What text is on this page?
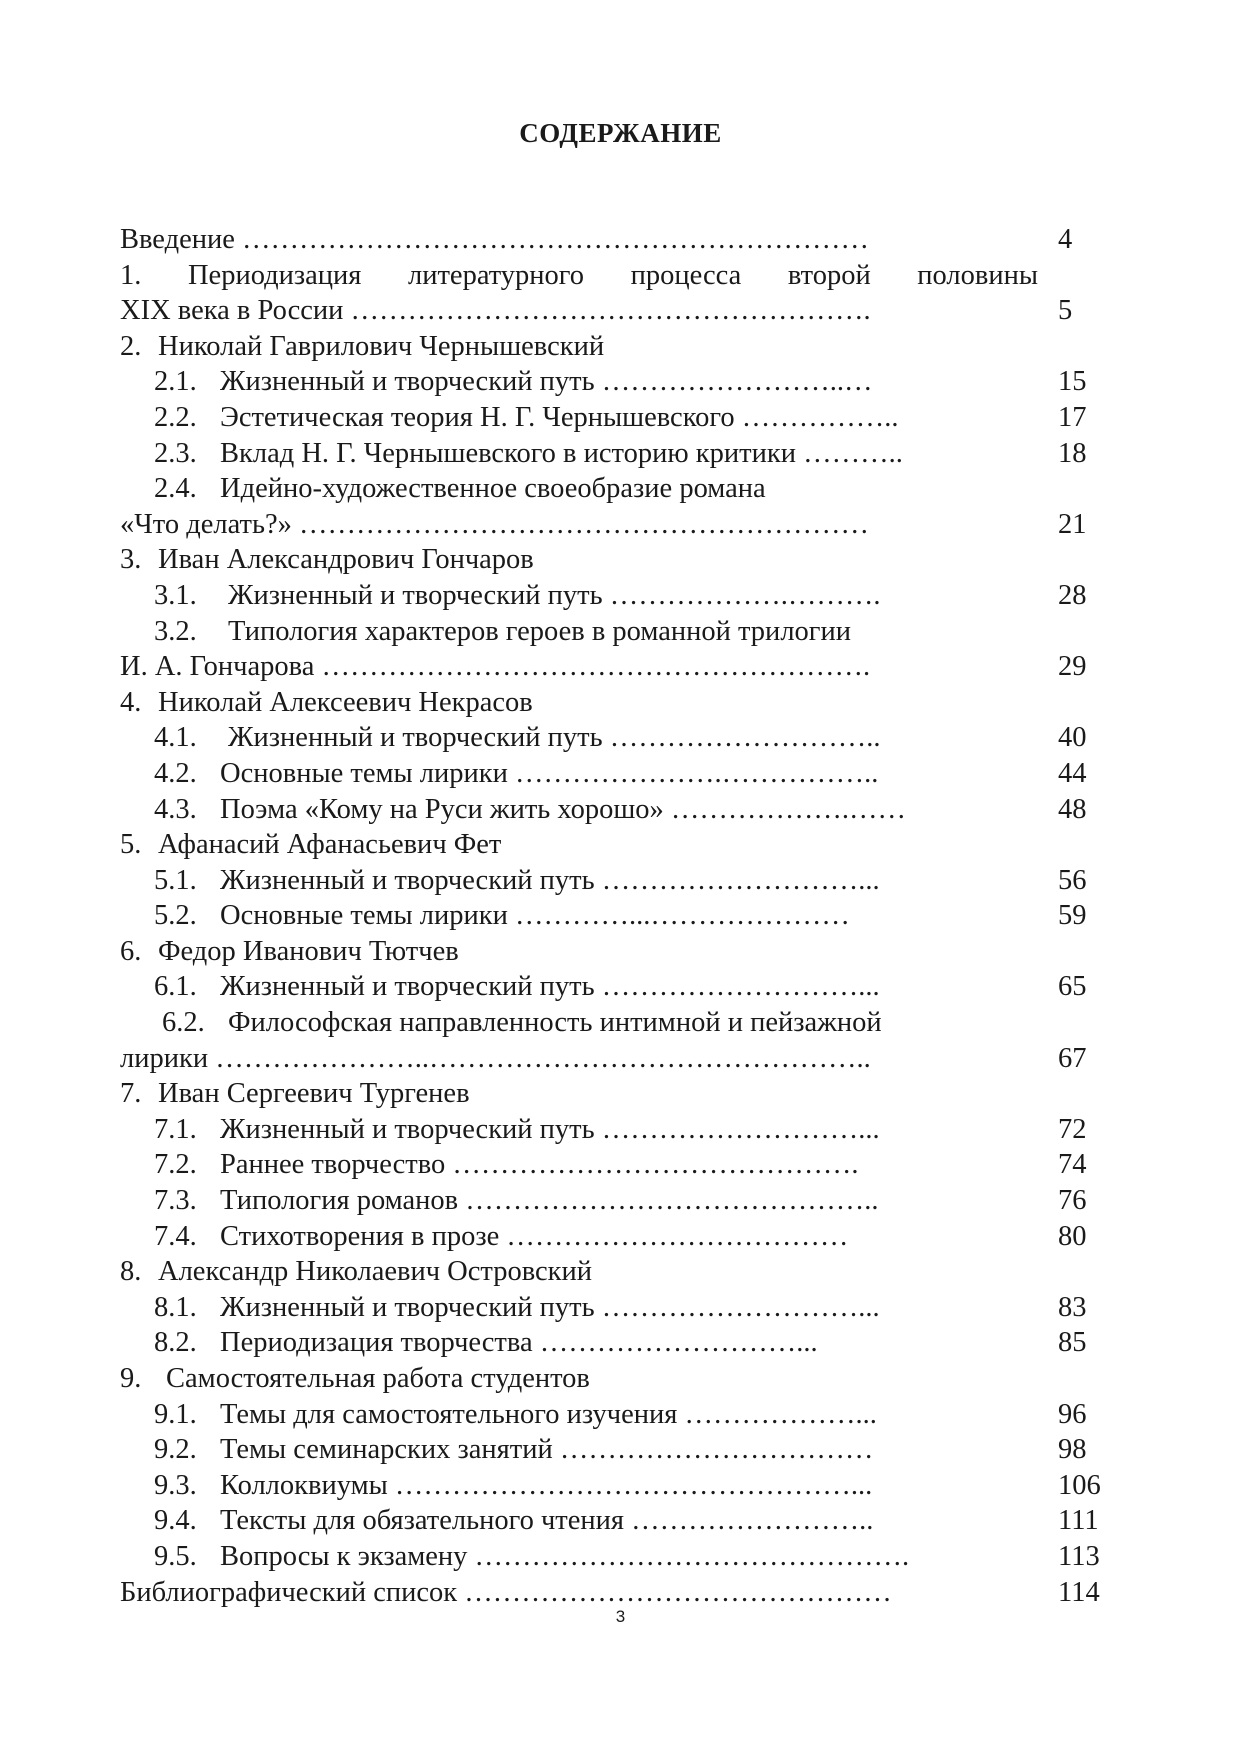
СОДЕРЖАНИЕ
Введение …………………………………………………………	4
1. Периодизация литературного процесса второй половины
XIX века в России ……………………………………………….	5
2. Николай Гаврилович Чернышевский
2.1. Жизненный и творческий путь ……………………..…	15
2.2. Эстетическая теория Н. Г. Чернышевского ……………..	17
2.3. Вклад Н. Г. Чернышевского в историю критики ………..	18
2.4. Идейно-художественное своеобразие романа
«Что делать?» ……………………………………………………	21
3. Иван Александрович Гончаров
3.1. Жизненный и творческий путь ……………….……….	28
3.2. Типология характеров героев в романной трилогии
И. А. Гончарова ………………………………………………….	29
4. Николай Алексеевич Некрасов
4.1. Жизненный и творческий путь ………………………..	40
4.2. Основные темы лирики ………………….……………..	44
4.3. Поэма «Кому на Руси жить хорошо» ……………….……	48
5. Афанасий Афанасьевич Фет
5.1. Жизненный и творческий путь ………………………...	56
5.2. Основные темы лирики …………...…………………	59
6. Федор Иванович Тютчев
6.1. Жизненный и творческий путь ………………………...	65
6.2. Философская направленность интимной и пейзажной
лирики …………………..………………………………………..	67
7. Иван Сергеевич Тургенев
7.1. Жизненный и творческий путь ………………………...	72
7.2. Раннее творчество …………………………………….	74
7.3. Типология романов ……………………………………..	76
7.4. Стихотворения в прозе ………………………………	80
8. Александр Николаевич Островский
8.1. Жизненный и творческий путь ………………………...	83
8.2. Периодизация творчества ………………………...	85
9. Самостоятельная работа студентов
9.1. Темы для самостоятельного изучения ………………...	96
9.2. Темы семинарских занятий ……………………………	98
9.3. Коллоквиумы …………………………………………...	106
9.4. Тексты для обязательного чтения ……………………..	111
9.5. Вопросы к экзамену ……………………………………….	113
Библиографический список ………………………………………	114
3
